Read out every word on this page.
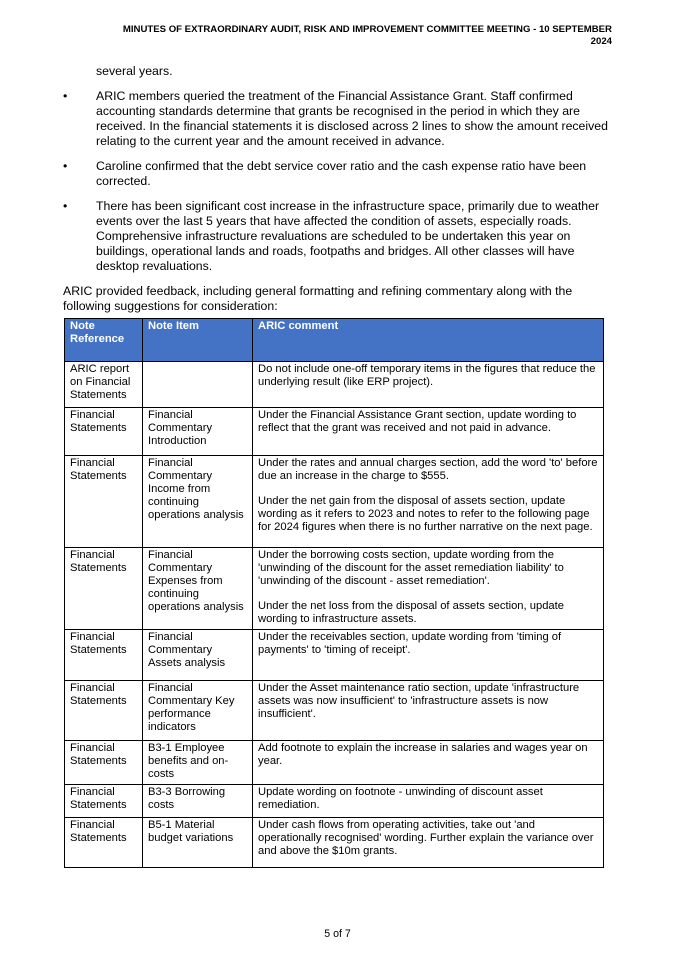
MINUTES OF EXTRAORDINARY AUDIT, RISK AND IMPROVEMENT COMMITTEE MEETING - 10 SEPTEMBER
2024
several years.
• ARIC members queried the treatment of the Financial Assistance Grant. Staff confirmed accounting standards determine that grants be recognised in the period in which they are received. In the financial statements it is disclosed across 2 lines to show the amount received relating to the current year and the amount received in advance.
• Caroline confirmed that the debt service cover ratio and the cash expense ratio have been corrected.
• There has been significant cost increase in the infrastructure space, primarily due to weather events over the last 5 years that have affected the condition of assets, especially roads. Comprehensive infrastructure revaluations are scheduled to be undertaken this year on buildings, operational lands and roads, footpaths and bridges. All other classes will have desktop revaluations.
ARIC provided feedback, including general formatting and refining commentary along with the following suggestions for consideration:
Note Reference	Note Item	ARIC comment
ARIC report on Financial Statements		Do not include one-off temporary items in the figures that reduce the underlying result (like ERP project).

Financial Statements	Financial Commentary Introduction	Under the Financial Assistance Grant section, update wording to reflect that the grant was received and not paid in advance.

Financial Statements	Financial Commentary Income from continuing operations analysis	Under the rates and annual charges section, add the word 'to' before due an increase in the charge to $555.
Under the net gain from the disposal of assets section, update wording as it refers to 2023 and notes to refer to the following page for 2024 figures when there is no further narrative on the next page.

Financial Statements	Financial Commentary Expenses from continuing operations analysis	Under the borrowing costs section, update wording from the 'unwinding of the discount for the asset remediation liability' to 'unwinding of the discount - asset remediation'.
Under the net loss from the disposal of assets section, update wording to infrastructure assets.

Financial Statements	Financial Commentary Assets analysis	Under the receivables section, update wording from 'timing of payments' to 'timing of receipt'.

Financial Statements	Financial Commentary Key performance indicators	Under the Asset maintenance ratio section, update 'infrastructure assets was now insufficient' to 'infrastructure assets is now insufficient'.

Financial Statements	B3-1 Employee benefits and on-costs	Add footnote to explain the increase in salaries and wages year on year.

Financial Statements	B3-3 Borrowing costs	Update wording on footnote - unwinding of discount asset remediation.

Financial Statements	B5-1 Material budget variations	Under cash flows from operating activities, take out 'and operationally recognised' wording. Further explain the variance over and above the $10m grants.
5 of 7
